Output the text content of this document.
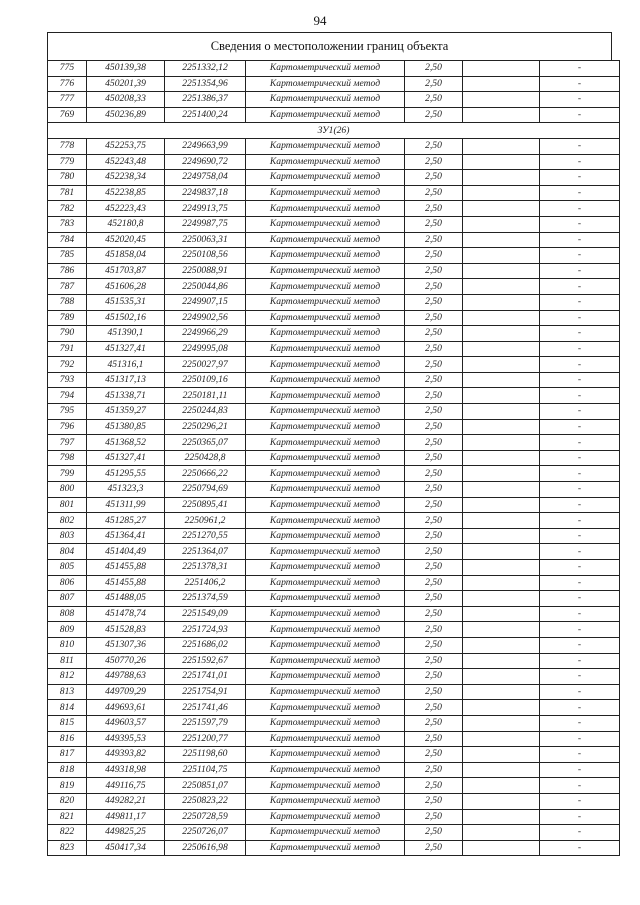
94
Сведения о местоположении границ объекта
775	450139,38	2251332,12	Картометрический метод	2,50		-
776	450201,39	2251354,96	Картометрический метод	2,50		-
777	450208,33	2251386,37	Картометрический метод	2,50		-
769	450236,89	2251400,24	Картометрический метод	2,50		-
ЗУ1(26)						
778	452253,75	2249663,99	Картометрический метод	2,50		-
779	452243,48	2249690,72	Картометрический метод	2,50		-
780	452238,34	2249758,04	Картометрический метод	2,50		-
781	452238,85	2249837,18	Картометрический метод	2,50		-
782	452223,43	2249913,75	Картометрический метод	2,50		-
783	452180,8	2249987,75	Картометрический метод	2,50		-
784	452020,45	2250063,31	Картометрический метод	2,50		-
785	451858,04	2250108,56	Картометрический метод	2,50		-
786	451703,87	2250088,91	Картометрический метод	2,50		-
787	451606,28	2250044,86	Картометрический метод	2,50		-
788	451535,31	2249907,15	Картометрический метод	2,50		-
789	451502,16	2249902,56	Картометрический метод	2,50		-
790	451390,1	2249966,29	Картометрический метод	2,50		-
791	451327,41	2249995,08	Картометрический метод	2,50		-
792	451316,1	2250027,97	Картометрический метод	2,50		-
793	451317,13	2250109,16	Картометрический метод	2,50		-
794	451338,71	2250181,11	Картометрический метод	2,50		-
795	451359,27	2250244,83	Картометрический метод	2,50		-
796	451380,85	2250296,21	Картометрический метод	2,50		-
797	451368,52	2250365,07	Картометрический метод	2,50		-
798	451327,41	2250428,8	Картометрический метод	2,50		-
799	451295,55	2250666,22	Картометрический метод	2,50		-
800	451323,3	2250794,69	Картометрический метод	2,50		-
801	451311,99	2250895,41	Картометрический метод	2,50		-
802	451285,27	2250961,2	Картометрический метод	2,50		-
803	451364,41	2251270,55	Картометрический метод	2,50		-
804	451404,49	2251364,07	Картометрический метод	2,50		-
805	451455,88	2251378,31	Картометрический метод	2,50		-
806	451455,88	2251406,2	Картометрический метод	2,50		-
807	451488,05	2251374,59	Картометрический метод	2,50		-
808	451478,74	2251549,09	Картометрический метод	2,50		-
809	451528,83	2251724,93	Картометрический метод	2,50		-
810	451307,36	2251686,02	Картометрический метод	2,50		-
811	450770,26	2251592,67	Картометрический метод	2,50		-
812	449788,63	2251741,01	Картометрический метод	2,50		-
813	449709,29	2251754,91	Картометрический метод	2,50		-
814	449693,61	2251741,46	Картометрический метод	2,50		-
815	449603,57	2251597,79	Картометрический метод	2,50		-
816	449395,53	2251200,77	Картометрический метод	2,50		-
817	449393,82	2251198,60	Картометрический метод	2,50		-
818	449318,98	2251104,75	Картометрический метод	2,50		-
819	449116,75	2250851,07	Картометрический метод	2,50		-
820	449282,21	2250823,22	Картометрический метод	2,50		-
821	449811,17	2250728,59	Картометрический метод	2,50		-
822	449825,25	2250726,07	Картометрический метод	2,50		-
823	450417,34	2250616,98	Картометрический метод	2,50		-
